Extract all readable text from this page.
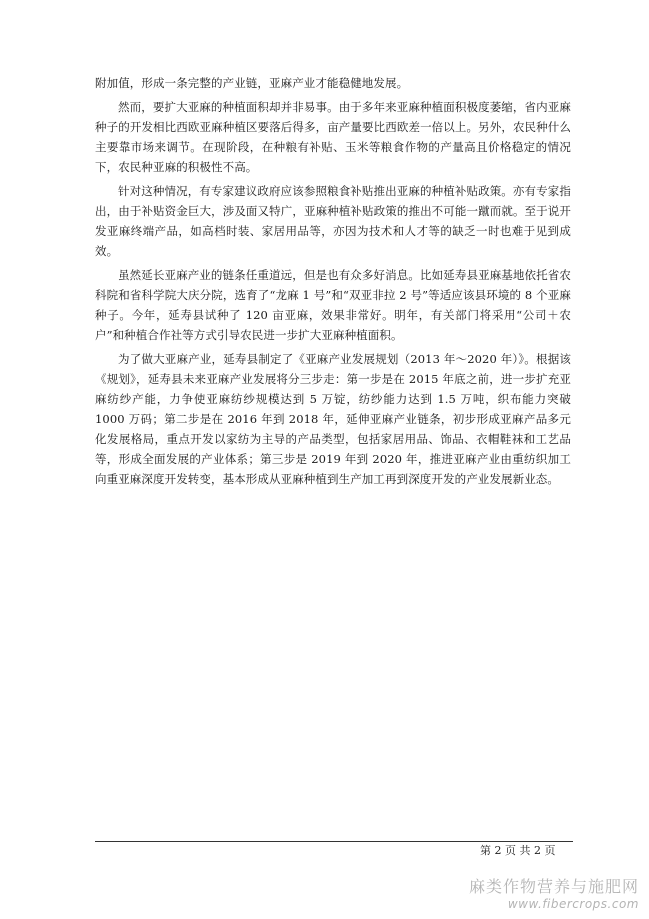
附加值，形成一条完整的产业链，亚麻产业才能稳健地发展。

然而，要扩大亚麻的种植面积却并非易事。由于多年来亚麻种植面积极度萎缩，省内亚麻种子的开发相比西欧亚麻种植区要落后得多，亩产量要比西欧差一倍以上。另外，农民种什么主要靠市场来调节。在现阶段，在种粮有补贴、玉米等粮食作物的产量高且价格稳定的情况下，农民种亚麻的积极性不高。

针对这种情况，有专家建议政府应该参照粮食补贴推出亚麻的种植补贴政策。亦有专家指出，由于补贴资金巨大，涉及面又特广，亚麻种植补贴政策的推出不可能一蹴而就。至于说开发亚麻终端产品，如高档时装、家居用品等，亦因为技术和人才等的缺乏一时也难于见到成效。

虽然延长亚麻产业的链条任重道远，但是也有众多好消息。比如延寿县亚麻基地依托省农科院和省科学院大庆分院，选育了“龙麻 1 号”和“双亚非拉 2 号”等适应该县环境的 8 个亚麻种子。今年，延寿县试种了 120 亩亚麻，效果非常好。明年，有关部门将采用“公司＋农户”和种植合作社等方式引导农民进一步扩大亚麻种植面积。

为了做大亚麻产业，延寿县制定了《亚麻产业发展规划（2013 年～2020 年）》。根据该《规划》，延寿县未来亚麻产业发展将分三步走：第一步是在 2015 年底之前，进一步扩充亚麻纺纱产能，力争使亚麻纺纱规模达到 5 万锭，纺纱能力达到 1.5 万吨，织布能力突破 1000 万码；第二步是在 2016 年到 2018 年，延伸亚麻产业链条，初步形成亚麻产品多元化发展格局，重点开发以家纺为主导的产品类型，包括家居用品、饰品、衣帽鞋袜和工艺品等，形成全面发展的产业体系；第三步是 2019 年到 2020 年，推进亚麻产业由重纺织加工向重亚麻深度开发转变，基本形成从亚麻种植到生产加工再到深度开发的产业发展新业态。

第 2 页 共 2 页
麻类作物营养与施肥网
www.fibercrops.com
